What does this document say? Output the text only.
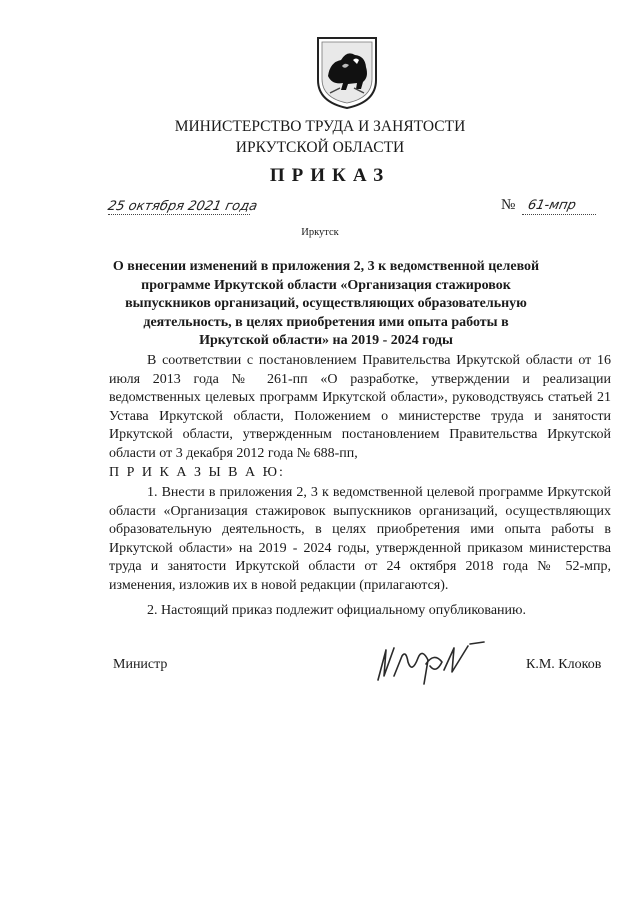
МИНИСТЕРСТВО ТРУДА И ЗАНЯТОСТИ
ИРКУТСКОЙ ОБЛАСТИ
ПРИКАЗ
25 октября 2021 года	№ 61-мпр
Иркутск
О внесении изменений в приложения 2, 3 к ведомственной целевой программе Иркутской области «Организация стажировок выпускников организаций, осуществляющих образовательную деятельность, в целях приобретения ими опыта работы в Иркутской области» на 2019 - 2024 годы
В соответствии с постановлением Правительства Иркутской области от 16 июля 2013 года № 261-пп «О разработке, утверждении и реализации ведомственных целевых программ Иркутской области», руководствуясь статьей 21 Устава Иркутской области, Положением о министерстве труда и занятости Иркутской области, утвержденным постановлением Правительства Иркутской области от 3 декабря 2012 года № 688-пп,
П Р И К А З Ы В А Ю:
1. Внести в приложения 2, 3 к ведомственной целевой программе Иркутской области «Организация стажировок выпускников организаций, осуществляющих образовательную деятельность, в целях приобретения ими опыта работы в Иркутской области» на 2019 - 2024 годы, утвержденной приказом министерства труда и занятости Иркутской области от 24 октября 2018 года № 52-мпр, изменения, изложив их в новой редакции (прилагаются).
2. Настоящий приказ подлежит официальному опубликованию.
Министр	К.М. Клоков
